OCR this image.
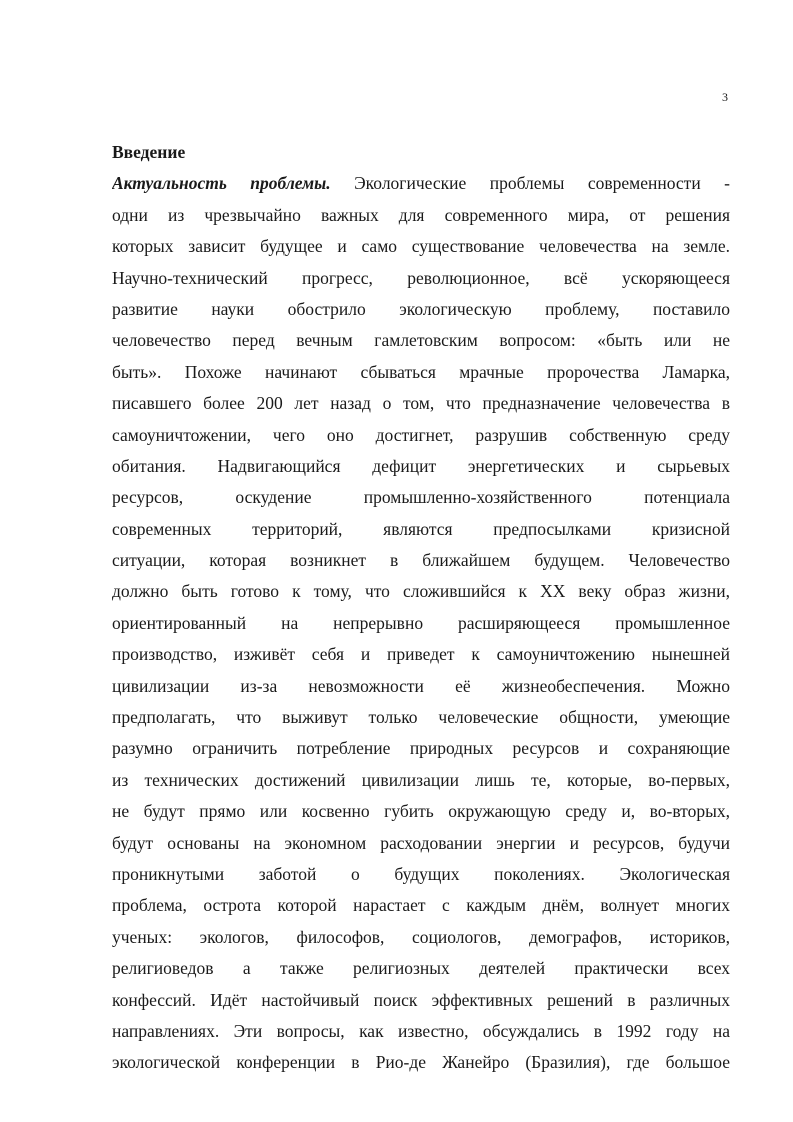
3
Введение
Актуальность проблемы. Экологические проблемы современности -
одни из чрезвычайно важных для современного мира, от решения
которых зависит будущее и само существование человечества на земле.
Научно-технический прогресс, революционное, всё ускоряющееся
развитие науки обострило экологическую проблему, поставило
человечество перед вечным гамлетовским вопросом: «быть или не
быть». Похоже начинают сбываться мрачные пророчества Ламарка,
писавшего более 200 лет назад о том, что предназначение человечества в
самоуничтожении, чего оно достигнет, разрушив собственную среду
обитания. Надвигающийся дефицит энергетических и сырьевых
ресурсов, оскудение промышленно-хозяйственного потенциала
современных территорий, являются предпосылками кризисной
ситуации, которая возникнет в ближайшем будущем. Человечество
должно быть готово к тому, что сложившийся к XX веку образ жизни,
ориентированный на непрерывно расширяющееся промышленное
производство, изживёт себя и приведет к самоуничтожению нынешней
цивилизации из-за невозможности её жизнеобеспечения. Можно
предполагать, что выживут только человеческие общности, умеющие
разумно ограничить потребление природных ресурсов и сохраняющие
из технических достижений цивилизации лишь те, которые, во-первых,
не будут прямо или косвенно губить окружающую среду и, во-вторых,
будут основаны на экономном расходовании энергии и ресурсов, будучи
проникнутыми заботой о будущих поколениях. Экологическая
проблема, острота которой нарастает с каждым днём, волнует многих
ученых: экологов, философов, социологов, демографов, историков,
религиоведов а также религиозных деятелей практически всех
конфессий. Идёт настойчивый поиск эффективных решений в различных
направлениях. Эти вопросы, как известно, обсуждались в 1992 году на
экологической конференции в Рио-де Жанейро (Бразилия), где большое
